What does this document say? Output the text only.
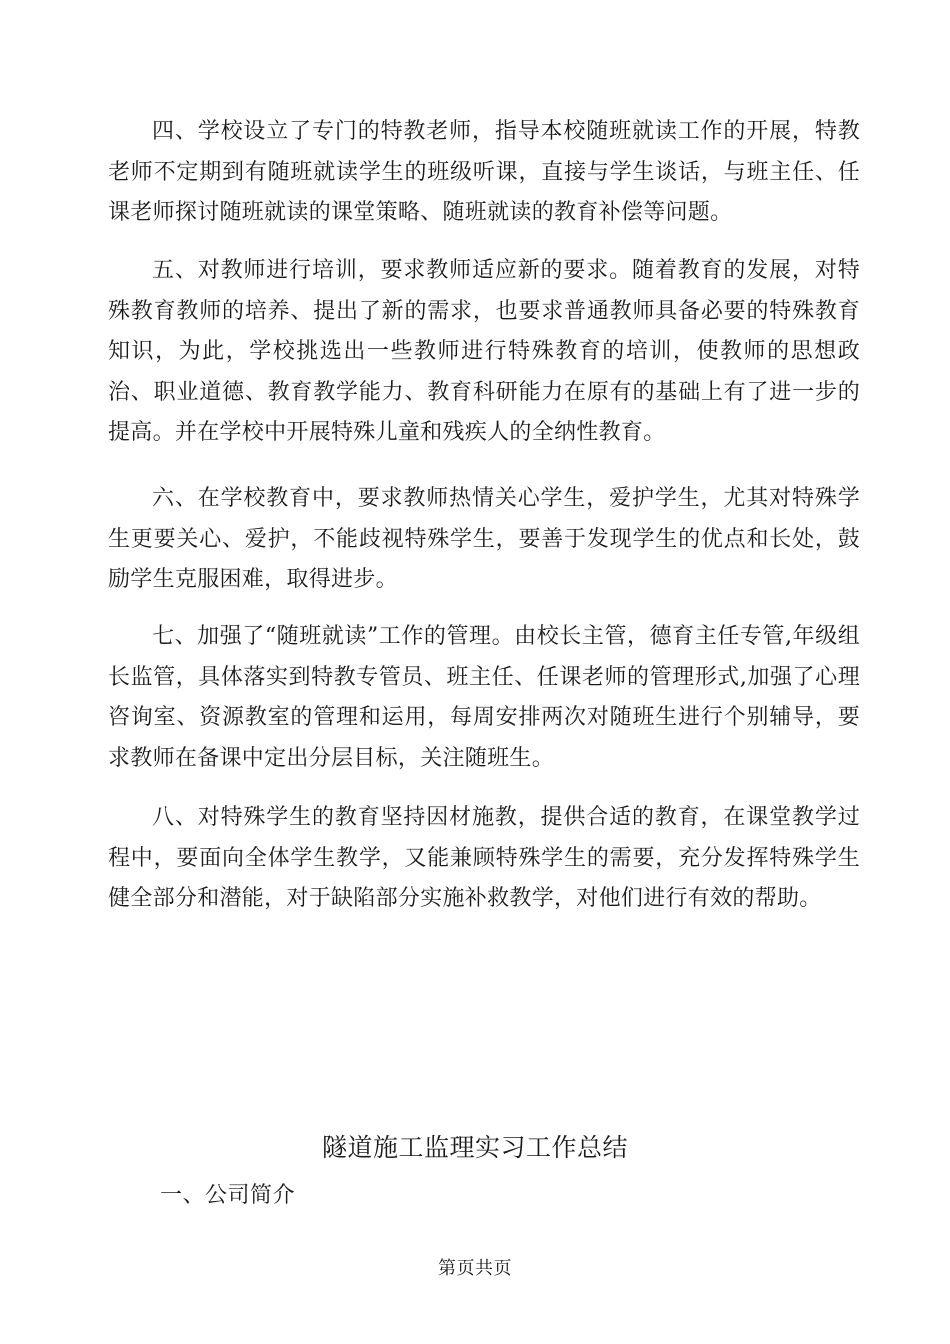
四、学校设立了专门的特教老师，指导本校随班就读工作的开展，特教老师不定期到有随班就读学生的班级听课，直接与学生谈话，与班主任、任课老师探讨随班就读的课堂策略、随班就读的教育补偿等问题。

五、对教师进行培训，要求教师适应新的要求。随着教育的发展，对特殊教育教师的培养、提出了新的需求，也要求普通教师具备必要的特殊教育知识，为此，学校挑选出一些教师进行特殊教育的培训，使教师的思想政治、职业道德、教育教学能力、教育科研能力在原有的基础上有了进一步的提高。并在学校中开展特殊儿童和残疾人的全纳性教育。

六、在学校教育中，要求教师热情关心学生，爱护学生，尤其对特殊学生更要关心、爱护，不能歧视特殊学生，要善于发现学生的优点和长处，鼓励学生克服困难，取得进步。

七、加强了“随班就读”工作的管理。由校长主管，德育主任专管,年级组长监管，具体落实到特教专管员、班主任、任课老师的管理形式,加强了心理咨询室、资源教室的管理和运用，每周安排两次对随班生进行个别辅导，要求教师在备课中定出分层目标，关注随班生。

八、对特殊学生的教育坚持因材施教，提供合适的教育，在课堂教学过程中，要面向全体学生教学，又能兼顾特殊学生的需要，充分发挥特殊学生健全部分和潜能，对于缺陷部分实施补救教学，对他们进行有效的帮助。

隧道施工监理实习工作总结
一、公司简介
第页共页
